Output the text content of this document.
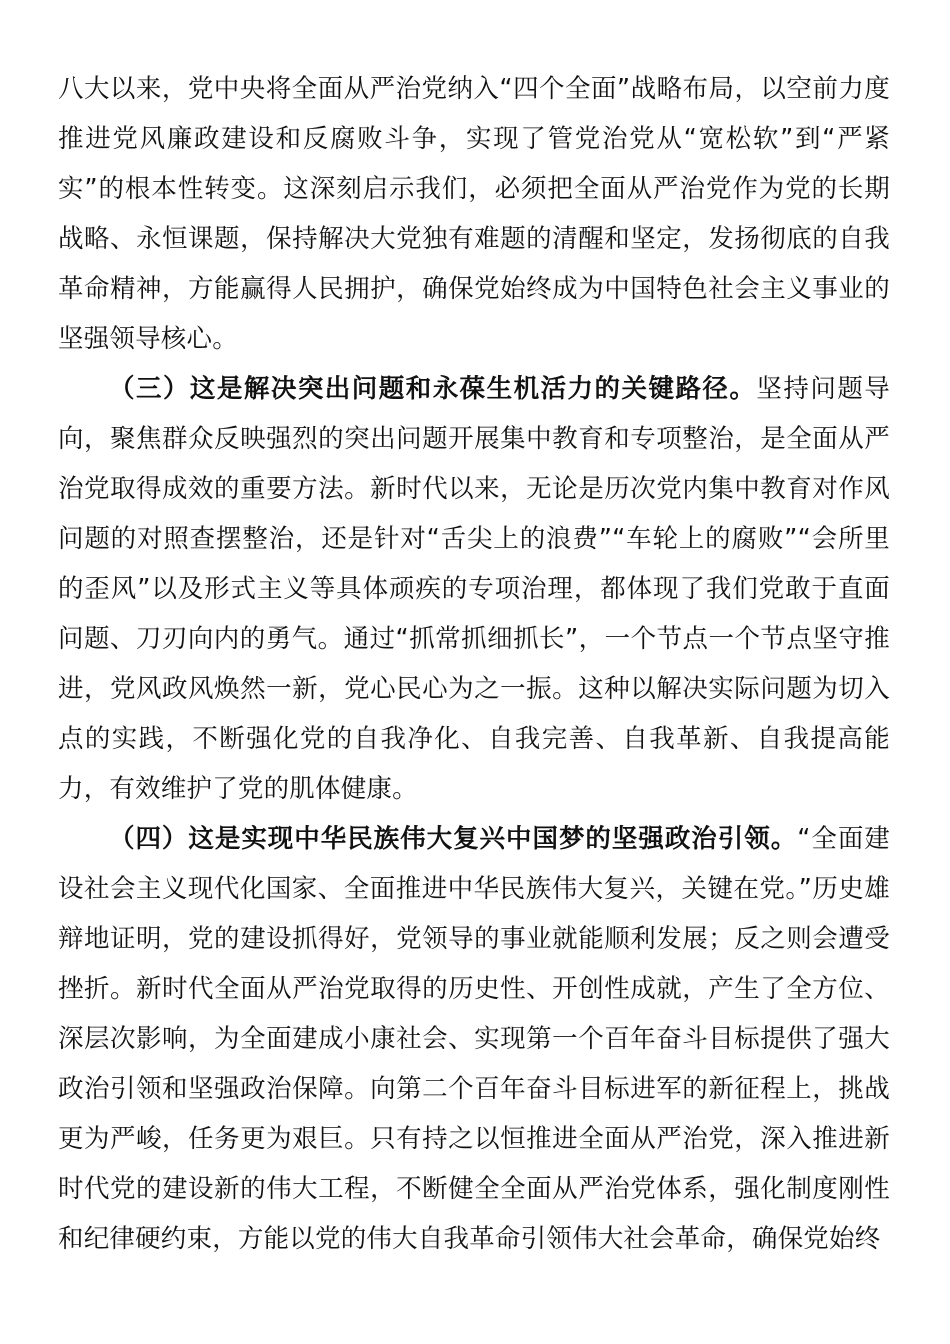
八大以来，党中央将全面从严治党纳入“四个全面”战略布局，以空前力度推进党风廉政建设和反腐败斗争，实现了管党治党从“宽松软”到“严紧实”的根本性转变。这深刻启示我们，必须把全面从严治党作为党的长期战略、永恒课题，保持解决大党独有难题的清醒和坚定，发扬彻底的自我革命精神，方能赢得人民拥护，确保党始终成为中国特色社会主义事业的坚强领导核心。

（三）这是解决突出问题和永葆生机活力的关键路径。坚持问题导向，聚焦群众反映强烈的突出问题开展集中教育和专项整治，是全面从严治党取得成效的重要方法。新时代以来，无论是历次党内集中教育对作风问题的对照查摆整治，还是针对“舌尖上的浪费”“车轮上的腐败”“会所里的歪风”以及形式主义等具体顽疾的专项治理，都体现了我们党敢于直面问题、刀刃向内的勇气。通过“抓常抓细抓长”，一个节点一个节点坚守推进，党风政风焕然一新，党心民心为之一振。这种以解决实际问题为切入点的实践，不断强化党的自我净化、自我完善、自我革新、自我提高能力，有效维护了党的肌体健康。

（四）这是实现中华民族伟大复兴中国梦的坚强政治引领。“全面建设社会主义现代化国家、全面推进中华民族伟大复兴，关键在党。”历史雄辩地证明，党的建设抓得好，党领导的事业就能顺利发展；反之则会遭受挫折。新时代全面从严治党取得的历史性、开创性成就，产生了全方位、深层次影响，为全面建成小康社会、实现第一个百年奋斗目标提供了强大政治引领和坚强政治保障。向第二个百年奋斗目标进军的新征程上，挑战更为严峻，任务更为艰巨。只有持之以恒推进全面从严治党，深入推进新时代党的建设新的伟大工程，不断健全全面从严治党体系，强化制度刚性和纪律硬约束，方能以党的伟大自我革命引领伟大社会革命，确保党始终
